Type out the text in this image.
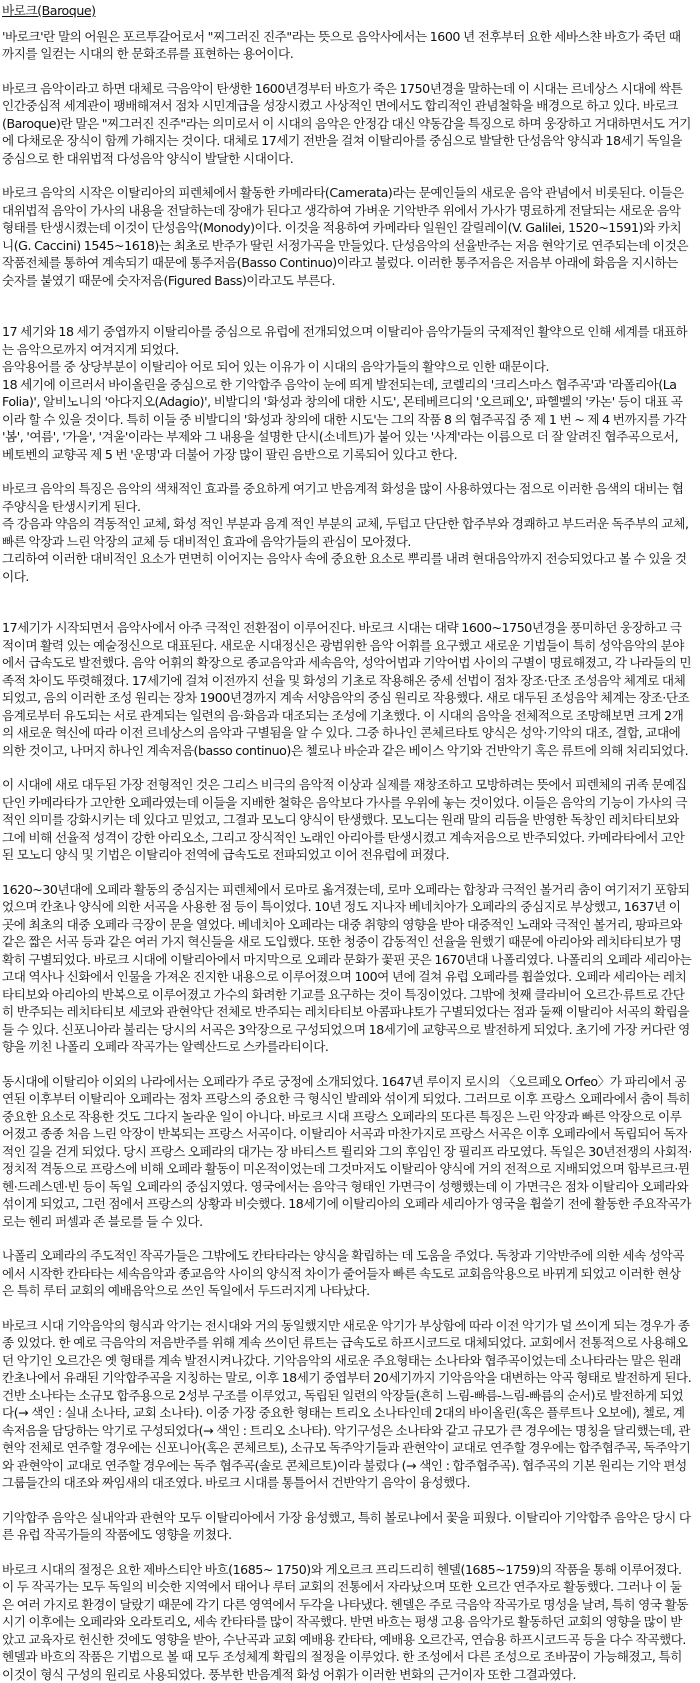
바로크(Baroque)

'바로크'란 말의 어원은 포르투갈어로서 "찌그러진 진주"라는 뜻으로 음악사에서는 1600 년 전후부터 요한 세바스챤 바흐가 죽던 때까지를 일컫는 시대의 한 문화조류를 표현하는 용어이다.

바로크 음악이라고 하면 대체로 극음악이 탄생한 1600년경부터 바흐가 죽은 1750년경을 말하는데 이 시대는 르네상스 시대에 싹튼 인간중심적 세계관이 팽배해져서 점차 시민계급을 성장시켰고 사상적인 면에서도 합리적인 관념철학을 배경으로 하고 있다. 바로크(Baroque)란 말은 "찌그러진 진주"라는 의미로서 이 시대의 음악은 안정감 대신 약동감을 특징으로 하며 웅장하고 거대하면서도 거기에 다채로운 장식이 함께 가해지는 것이다. 대체로 17세기 전반을 걸쳐 이탈리아를 중심으로 발달한 단성음악 양식과 18세기 독일을 중심으로 한 대위법적 다성음악 양식이 발달한 시대이다.

바로크 음악의 시작은 이탈리아의 피렌체에서 활동한 카메라타(Camerata)라는 문예인들의 새로운 음악 관념에서 비롯된다. 이들은 대위법적 음악이 가사의 내용을 전달하는데 장애가 된다고 생각하여 가벼운 기악반주 위에서 가사가 명료하게 전달되는 새로운 음악 형태를 탄생시켰는데 이것이 단성음악(Monody)이다. 이것을 적용하여 카메라타 일원인 갈릴레이(V. Galilei, 1520~1591)와 카치니(G. Caccini) 1545~1618)는 최초로 반주가 딸린 서정가곡을 만들었다. 단성음악의 선율반주는 저음 현악기로 연주되는데 이것은 작품전체를 통하여 계속되기 때문에 통주저음(Basso Continuo)이라고 불렀다. 이러한 통주저음은 저음부 아래에 화음을 지시하는 숫자를 붙였기 때문에 숫자저음(Figured Bass)이라고도 부른다.

17 세기와 18 세기 중엽까지 이탈리아를 중심으로 유럽에 전개되었으며 이탈리아 음악가들의 국제적인 활약으로 인해 세계를 대표하는 음악으로까지 여겨지게 되었다.
음악용어를 중 상당부분이 이탈리아 어로 되어 있는 이유가 이 시대의 음악가들의 활약으로 인한 때문이다.
18 세기에 이르러서 바이올린을 중심으로 한 기악합주 음악이 눈에 띄게 발전되는데, 코렐리의 '크리스마스 협주곡'과 '라폴리아(La Folia)', 알비노니의 '아다지오(Adagio)', 비발디의 '화성과 창의에 대한 시도', 몬테베르디의 '오르페오', 파헬벨의 '카논' 등이 대표 곡이라 할 수 있을 것이다. 특히 이들 중 비발디의 '화성과 창의에 대한 시도'는 그의 작품 8 의 협주곡집 중 제 1 번 ~ 제 4 번까지를 가각 '봄', '여름', '가을', '겨울'이라는 부제와 그 내용을 설명한 단시(소네트)가 붙어 있는 '사계'라는 이름으로 더 잘 알려진 협주곡으로서, 베토벤의 교향곡 제 5 번 '운명'과 더불어 가장 많이 팔린 음반으로 기록되어 있다고 한다.

바로크 음악의 특징은 음악의 색채적인 효과를 중요하게 여기고 반음계적 화성을 많이 사용하였다는 점으로 이러한 음색의 대비는 협주양식을 탄생시키게 된다.
즉 강음과 약음의 격동적인 교체, 화성 적인 부분과 음계 적인 부분의 교체, 두텁고 단단한 합주부와 경쾌하고 부드러운 독주부의 교체, 빠른 악장과 느린 악장의 교체 등 대비적인 효과에 음악가들의 관심이 모아졌다.
그리하여 이러한 대비적인 요소가 면면히 이어지는 음악사 속에 중요한 요소로 뿌리를 내려 현대음악까지 전승되었다고 볼 수 있을 것이다.

17세기가 시작되면서 음악사에서 아주 극적인 전환점이 이루어진다. 바로크 시대는 대략 1600~1750년경을 풍미하던 웅장하고 극적이며 활력 있는 예술정신으로 대표된다. 새로운 시대정신은 광범위한 음악 어휘를 요구했고 새로운 기법들이 특히 성악음악의 분야에서 급속도로 발전했다. 음악 어휘의 확장으로 종교음악과 세속음악, 성악어법과 기악어법 사이의 구별이 명료해졌고, 각 나라들의 민족적 차이도 뚜렷해졌다. 17세기에 걸쳐 이전까지 선율 및 화성의 기초로 작용해온 중세 선법이 점차 장조·단조 조성음악 체계로 대체되었고, 음의 이러한 조성 원리는 장차 1900년경까지 계속 서양음악의 중심 원리로 작용했다. 새로 대두된 조성음악 체계는 장조·단조 음계로부터 유도되는 서로 관계되는 일련의 음·화음과 대조되는 조성에 기초했다. 이 시대의 음악을 전체적으로 조망해보면 크게 2개의 새로운 혁신에 따라 이전 르네상스의 음악과 구별됨을 알 수 있다. 그중 하나인 콘체르타토 양식은 성악·기악의 대조, 결합, 교대에 의한 것이고, 나머지 하나인 계속저음(basso continuo)은 첼로나 바순과 같은 베이스 악기와 건반악기 혹은 류트에 의해 처리되었다.

이 시대에 새로 대두된 가장 전형적인 것은 그리스 비극의 음악적 이상과 실제를 재창조하고 모방하려는 뜻에서 피렌체의 귀족 문예집단인 카메라타가 고안한 오페라였는데 이들을 지배한 철학은 음악보다 가사를 우위에 놓는 것이었다. 이들은 음악의 기능이 가사의 극적인 의미를 강화시키는 데 있다고 믿었고, 그결과 모노디 양식이 탄생했다. 모노디는 원래 말의 리듬을 반영한 독창인 레치타티보와 그에 비해 선율적 성격이 강한 아리오소, 그리고 장식적인 노래인 아리아를 탄생시켰고 계속저음으로 반주되었다. 카메라타에서 고안된 모노디 양식 및 기법은 이탈리아 전역에 급속도로 전파되었고 이어 전유럽에 퍼졌다.

1620~30년대에 오페라 활동의 중심지는 피렌체에서 로마로 옮겨졌는데, 로마 오페라는 합창과 극적인 볼거리 춤이 여기저기 포함되었으며 칸초나 양식에 의한 서곡을 사용한 점 등이 특이었다. 10년 정도 지나자 베네치아가 오페라의 중심지로 부상했고, 1637년 이곳에 최초의 대중 오페라 극장이 문을 열었다. 베네치아 오페라는 대중 취향의 영향을 받아 대중적인 노래와 극적인 볼거리, 팡파르와 같은 짧은 서곡 등과 같은 여러 가지 혁신들을 새로 도입했다. 또한 청중이 감동적인 선율을 원했기 때문에 아리아와 레치타티보가 명확히 구별되었다. 바로크 시대에 이탈리아에서 마지막으로 오페라 문화가 꽃핀 곳은 1670년대 나폴리였다. 나폴리의 오페라 세리아는 고대 역사나 신화에서 인물을 가져온 진지한 내용으로 이루어졌으며 100여 년에 걸쳐 유럽 오페라를 휩쓸었다. 오페라 세리아는 레치타티보와 아리아의 반복으로 이루어졌고 가수의 화려한 기교를 요구하는 것이 특징이었다. 그밖에 첫째 클라비어 오르간·류트로 간단히 반주되는 레치타티보 세코와 관현악단 전체로 반주되는 레치타티보 아콤파냐토가 구별되었다는 점과 둘째 이탈리아 서곡의 확립을 들 수 있다. 신포니아라 불리는 당시의 서곡은 3악장으로 구성되었으며 18세기에 교향곡으로 발전하게 되었다. 초기에 가장 커다란 영향을 끼친 나폴리 오페라 작곡가는 알렉산드로 스카를라티이다.

동시대에 이탈리아 이외의 나라에서는 오페라가 주로 궁정에 소개되었다. 1647년 루이지 로시의 〈오르페오 Orfeo〉가 파리에서 공연된 이후부터 이탈리아 오페라는 점차 프랑스의 중요한 극 형식인 발레와 섞이게 되었다. 그러므로 이후 프랑스 오페라에서 춤이 특히 중요한 요소로 작용한 것도 그다지 놀라운 일이 아니다. 바로크 시대 프랑스 오페라의 또다른 특징은 느린 악장과 빠른 악장으로 이루어졌고 종종 처음 느린 악장이 반복되는 프랑스 서곡이다. 이탈리아 서곡과 마찬가지로 프랑스 서곡은 이후 오페라에서 독립되어 독자적인 길을 걷게 되었다. 당시 프랑스 오페라의 대가는 장 바티스트 륄리와 그의 후임인 장 필리프 라모였다. 독일은 30년전쟁의 사회적·정치적 격동으로 프랑스에 비해 오페라 활동이 미온적이었는데 그것마저도 이탈리아 양식에 거의 전적으로 지배되었으며 함부르크·뮌헨·드레스덴·빈 등이 독일 오페라의 중심지였다. 영국에서는 음악극 형태인 가면극이 성행했는데 이 가면극은 점차 이탈리아 오페라와 섞이게 되었고, 그런 점에서 프랑스의 상황과 비슷했다. 18세기에 이탈리아의 오페라 세리아가 영국을 휩쓸기 전에 활동한 주요작곡가로는 헨리 퍼셀과 존 블로를 들 수 있다.

나폴리 오페라의 주도적인 작곡가들은 그밖에도 칸타타라는 양식을 확립하는 데 도움을 주었다. 독창과 기악반주에 의한 세속 성악곡에서 시작한 칸타타는 세속음악과 종교음악 사이의 양식적 차이가 줄어들자 빠른 속도로 교회음악용으로 바뀌게 되었고 이러한 현상은 특히 루터 교회의 예배음악으로 쓰인 독일에서 두드러지게 나타났다.

바로크 시대 기악음악의 형식과 악기는 전시대와 거의 동일했지만 새로운 악기가 부상함에 따라 이전 악기가 덜 쓰이게 되는 경우가 종종 있었다. 한 예로 극음악의 저음반주를 위해 계속 쓰이던 류트는 급속도로 하프시코드로 대체되었다. 교회에서 전통적으로 사용해오던 악기인 오르간은 옛 형태를 계속 발전시켜나갔다. 기악음악의 새로운 주요형태는 소나타와 협주곡이었는데 소나타라는 말은 원래 칸초나에서 유래된 기악합주곡을 지칭하는 말로, 이후 18세기 중엽부터 20세기까지 기악음악을 대변하는 악곡 형태로 발전하게 된다. 건반 소나타는 소규모 합주용으로 2성부 구조를 이루었고, 독립된 일련의 악장들(흔히 느림-빠름-느림-빠름의 순서)로 발전하게 되었다(→ 색인 : 실내 소나타, 교회 소나타). 이중 가장 중요한 형태는 트리오 소나타인데 2대의 바이올린(혹은 플루트나 오보에), 첼로, 계속저음을 담당하는 악기로 구성되었다(→ 색인 : 트리오 소나타). 악기구성은 소나타와 같고 규모가 큰 경우에는 명칭을 달리했는데, 관현악 전체로 연주할 경우에는 신포니아(혹은 콘체르토), 소규모 독주악기들과 관현악이 교대로 연주할 경우에는 합주협주곡, 독주악기와 관현악이 교대로 연주할 경우에는 독주 협주곡(솔로 콘체르토)이라 불렀다 (→ 색인 : 합주협주곡). 협주곡의 기본 원리는 기악 편성 그룹들간의 대조와 짜임새의 대조였다. 바로크 시대를 통틀어서 건반악기 음악이 융성했다.

기악합주 음악은 실내악과 관현악 모두 이탈리아에서 가장 융성했고, 특히 볼로냐에서 꽃을 피웠다. 이탈리아 기악합주 음악은 당시 다른 유럽 작곡가들의 작품에도 영향을 끼쳤다.

바로크 시대의 절정은 요한 제바스티안 바흐(1685~ 1750)와 게오르크 프리드리히 헨델(1685~1759)의 작품을 통해 이루어졌다. 이 두 작곡가는 모두 독일의 비슷한 지역에서 태어나 루터 교회의 전통에서 자라났으며 또한 오르간 연주자로 활동했다. 그러나 이 둘은 여러 가지로 환경이 달랐기 때문에 각기 다른 영역에서 두각을 나타냈다. 헨델은 주로 극음악 작곡가로 명성을 날려, 특히 영국 활동 시기 이후에는 오페라와 오라토리오, 세속 칸타타를 많이 작곡했다. 반면 바흐는 평생 고용 음악가로 활동하던 교회의 영향을 많이 받았고 교육자로 헌신한 것에도 영향을 받아, 수난곡과 교회 예배용 칸타타, 예배용 오르간곡, 연습용 하프시코드곡 등을 다수 작곡했다. 헨델과 바흐의 작품은 기법으로 볼 때 모두 조성체계 확립의 절정을 이루었다. 한 조성에서 다른 조성으로 조바꿈이 가능해졌고, 특히 이것이 형식 구성의 원리로 사용되었다. 풍부한 반음계적 화성 어휘가 이러한 변화의 근거이자 또한 그결과였다.
